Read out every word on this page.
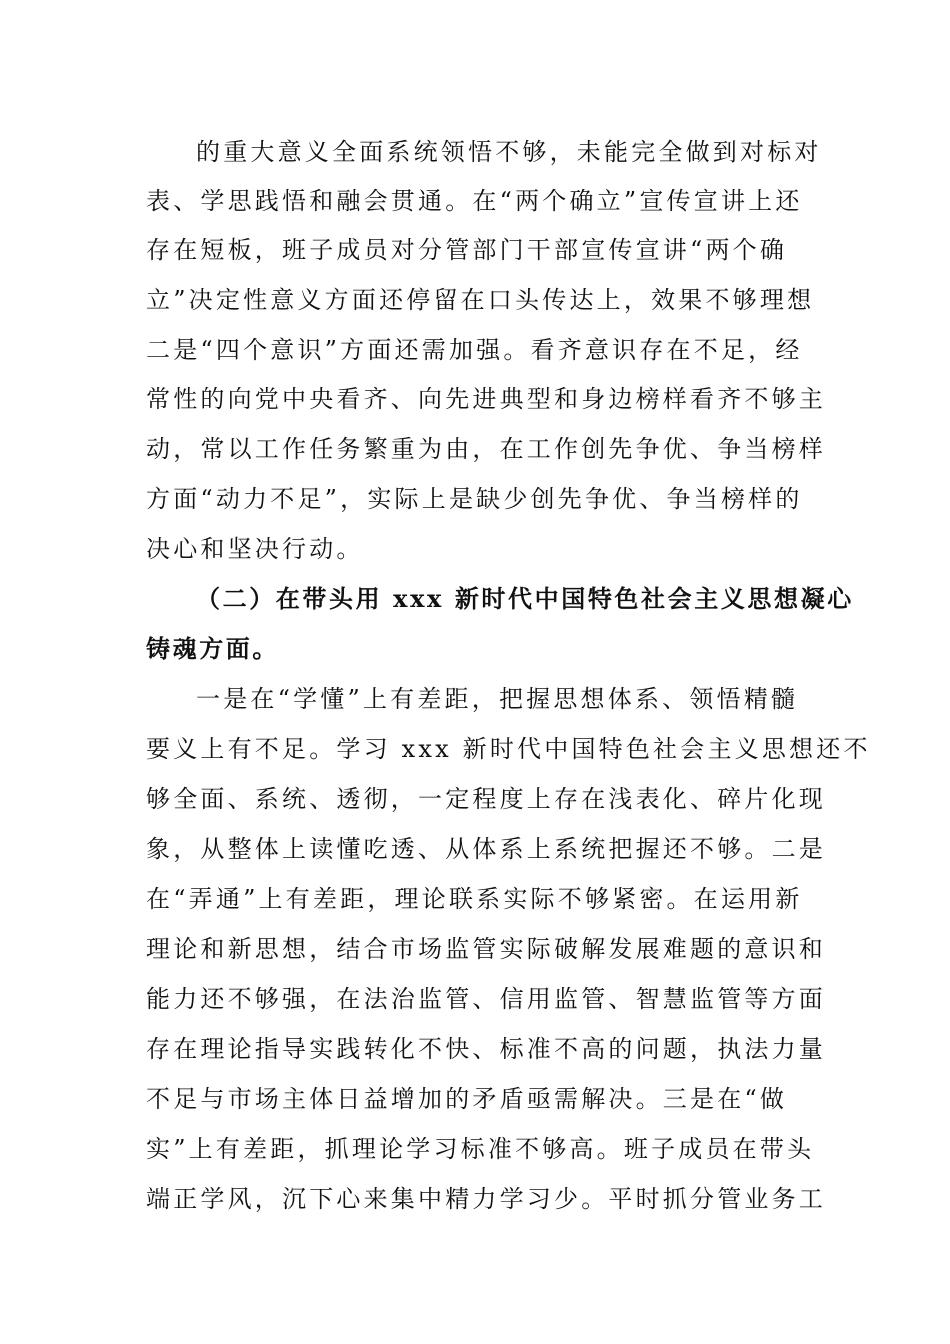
的重大意义全面系统领悟不够，未能完全做到对标对
表、学思践悟和融会贯通。在“两个确立”宣传宣讲上还
存在短板，班子成员对分管部门干部宣传宣讲“两个确
立”决定性意义方面还停留在口头传达上，效果不够理想
二是“四个意识”方面还需加强。看齐意识存在不足，经
常性的向党中央看齐、向先进典型和身边榜样看齐不够主
动，常以工作任务繁重为由，在工作创先争优、争当榜样
方面“动力不足”，实际上是缺少创先争优、争当榜样的
决心和坚决行动。
（二）在带头用 xxx 新时代中国特色社会主义思想凝心
铸魂方面。
一是在“学懂”上有差距，把握思想体系、领悟精髓
要义上有不足。学习 xxx 新时代中国特色社会主义思想还不
够全面、系统、透彻，一定程度上存在浅表化、碎片化现
象，从整体上读懂吃透、从体系上系统把握还不够。二是
在“弄通”上有差距，理论联系实际不够紧密。在运用新
理论和新思想，结合市场监管实际破解发展难题的意识和
能力还不够强，在法治监管、信用监管、智慧监管等方面
存在理论指导实践转化不快、标准不高的问题，执法力量
不足与市场主体日益增加的矛盾亟需解决。三是在“做
实”上有差距，抓理论学习标准不够高。班子成员在带头
端正学风，沉下心来集中精力学习少。平时抓分管业务工
